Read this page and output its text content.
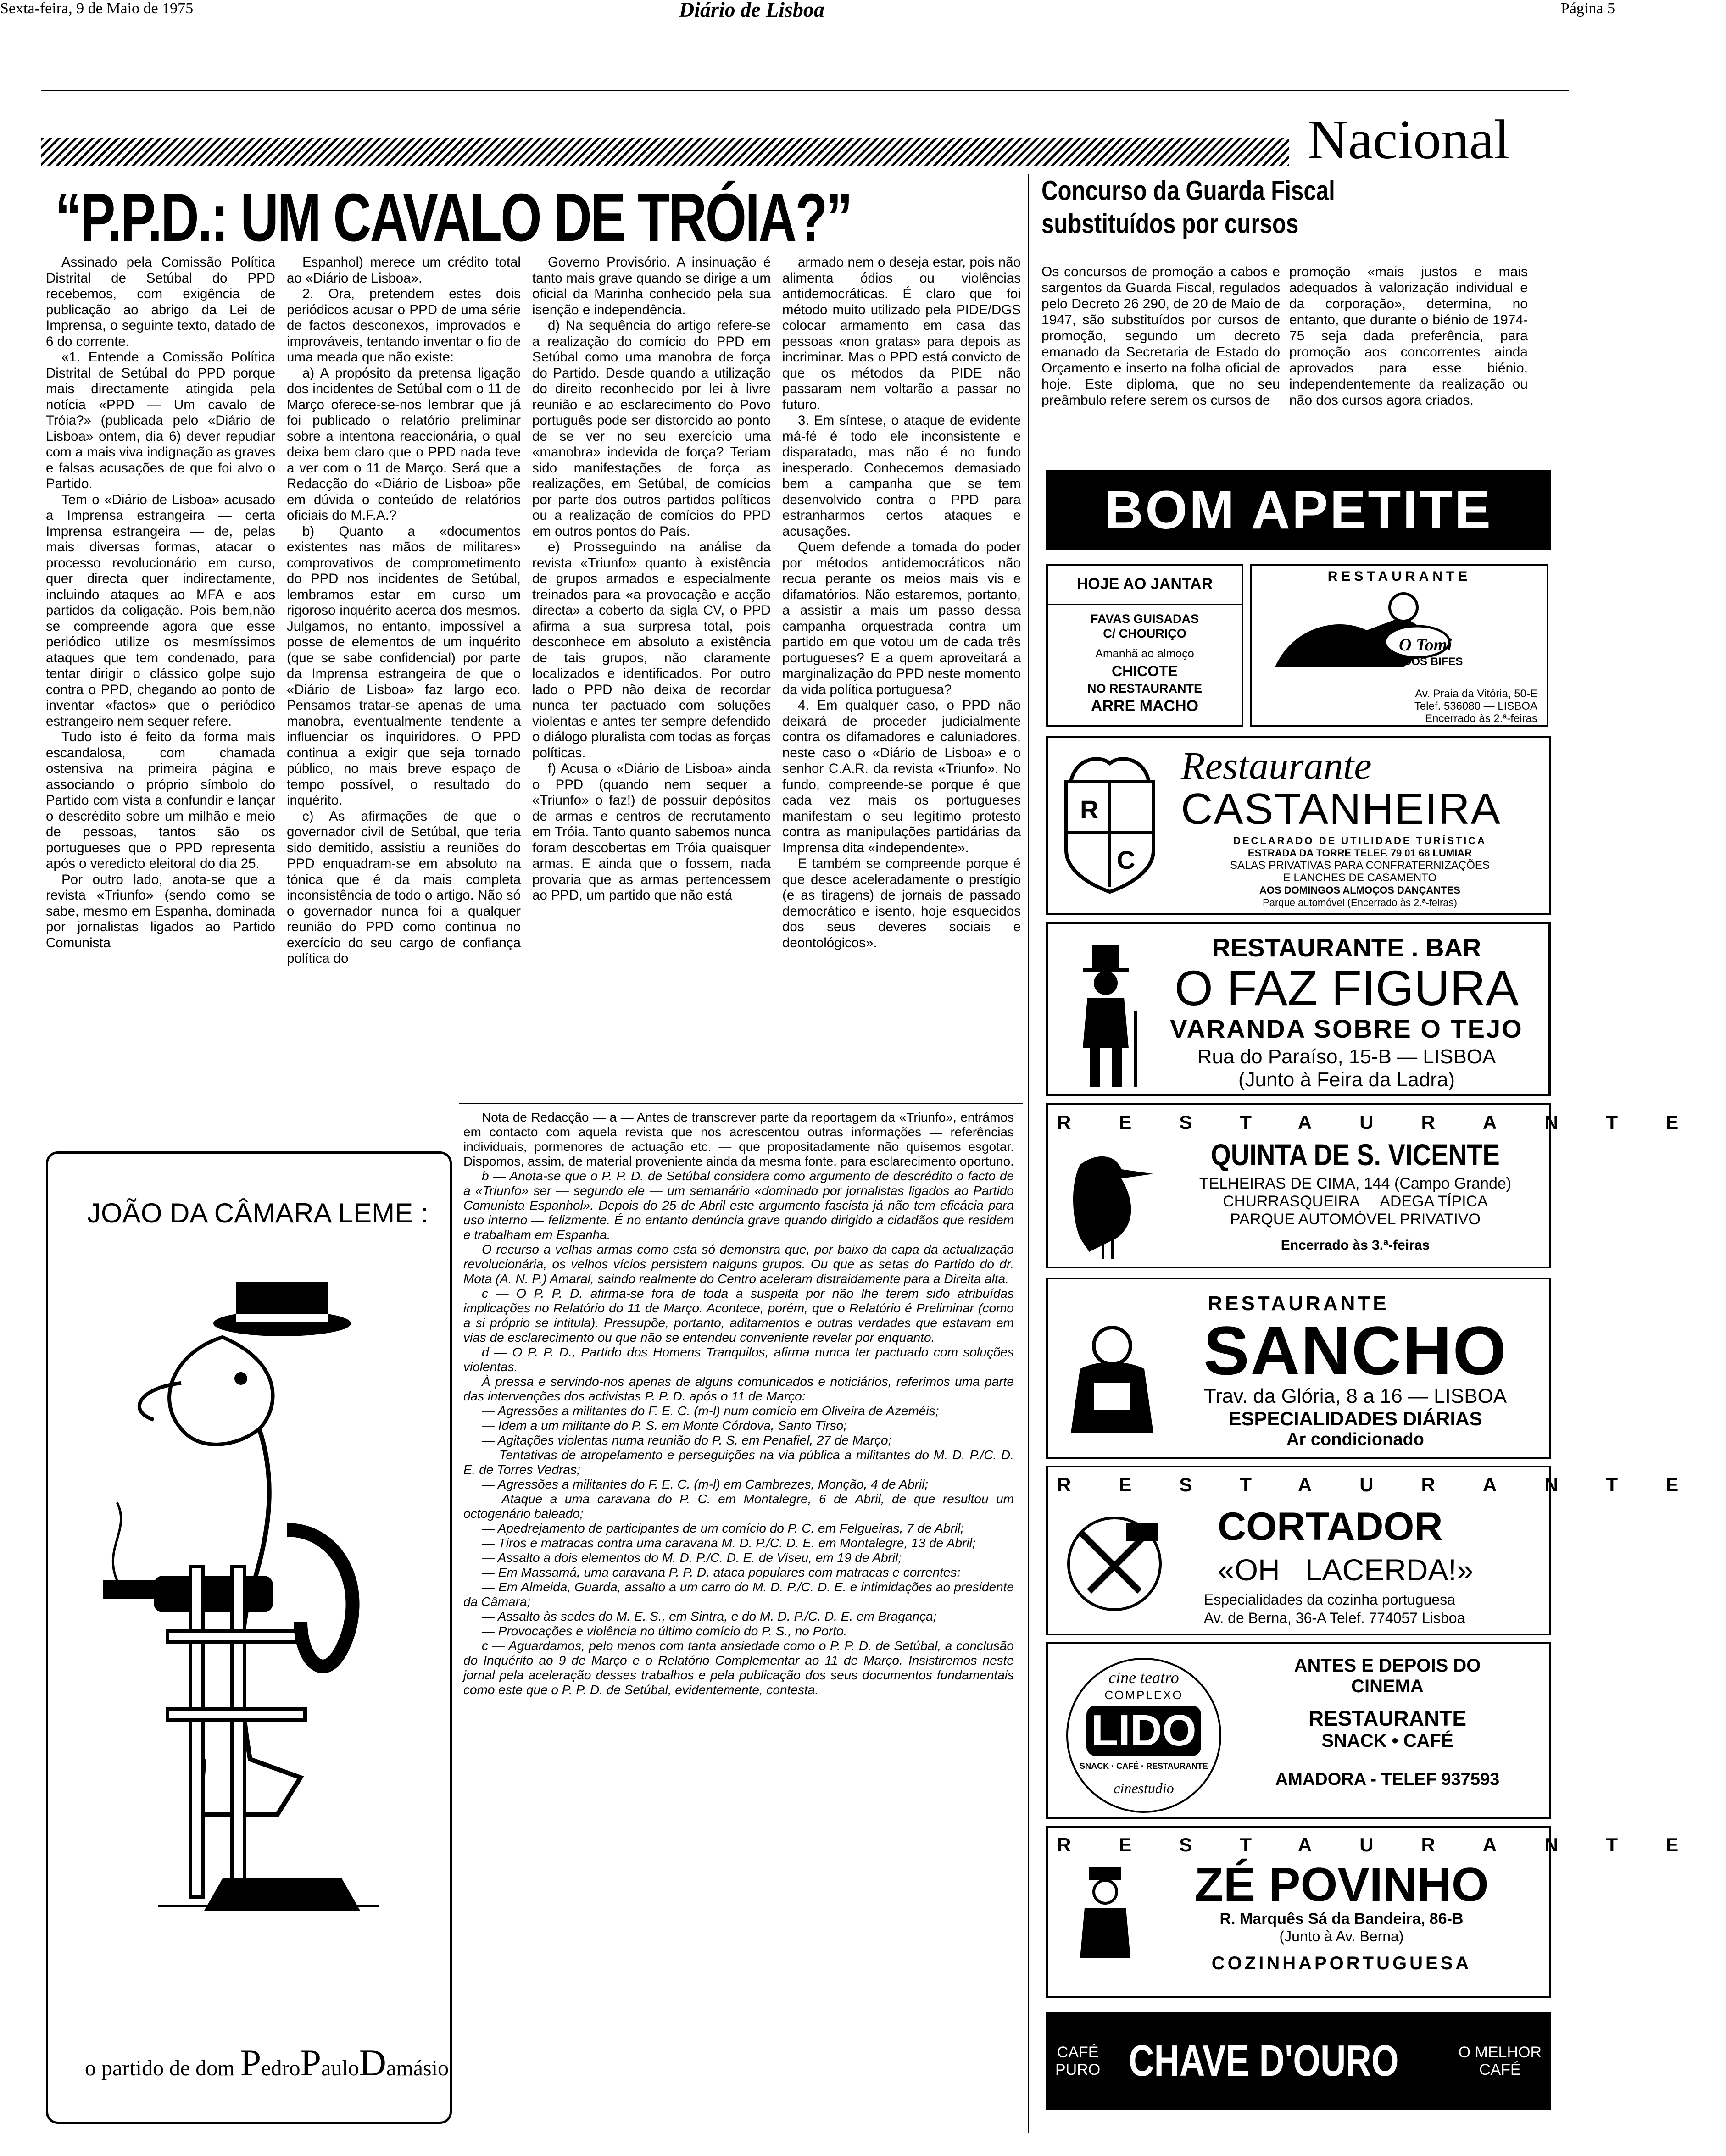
Sexta-feira, 9 de Maio de 1975	Diário de Lisboa	Página 5
Nacional
“P.P.D.: UM CAVALO DE TRÓIA?”

Assinado pela Comissão Política Distrital de Setúbal do PPD recebemos, com exigência de publicação ao abrigo da Lei de Imprensa, o seguinte texto, datado de 6 do corrente.

«1. Entende a Comissão Política Distrital de Setúbal do PPD porque mais directamente atingida pela notícia «PPD — Um cavalo de Tróia?» (publicada pelo «Diário de Lisboa» ontem, dia 6) dever repudiar com a mais viva indignação as graves e falsas acusações de que foi alvo o Partido.

Tem o «Diário de Lisboa» acusado a Imprensa estrangeira — certa Imprensa estrangeira — de, pelas mais diversas formas, atacar o processo revolucionário em curso, quer directa quer indirectamente, incluindo ataques ao MFA e aos partidos da coligação. Pois bem,não se compreende agora que esse periódico utilize os mesmíssimos ataques que tem condenado, para tentar dirigir o clássico golpe sujo contra o PPD, chegando ao ponto de inventar «factos» que o periódico estrangeiro nem sequer refere.

Tudo isto é feito da forma mais escandalosa, com chamada ostensiva na primeira página e associando o próprio símbolo do Partido com vista a confundir e lançar o descrédito sobre um milhão e meio de pessoas, tantos são os portugueses que o PPD representa após o veredicto eleitoral do dia 25.

Por outro lado, anota-se que a revista «Triunfo» (sendo como se sabe, mesmo em Espanha, dominada por jornalistas ligados ao Partido Comunista

Espanhol) merece um crédito total ao «Diário de Lisboa».

2. Ora, pretendem estes dois periódicos acusar o PPD de uma série de factos desconexos, improvados e improváveis, tentando inventar o fio de uma meada que não existe:

a) A propósito da pretensa ligação dos incidentes de Setúbal com o 11 de Março oferece-se-nos lembrar que já foi publicado o relatório preliminar sobre a intentona reaccionária, o qual deixa bem claro que o PPD nada teve a ver com o 11 de Março. Será que a Redacção do «Diário de Lisboa» põe em dúvida o conteúdo de relatórios oficiais do M.F.A.?

b) Quanto a «documentos existentes nas mãos de militares» comprovativos de comprometimento do PPD nos incidentes de Setúbal, lembramos estar em curso um rigoroso inquérito acerca dos mesmos. Julgamos, no entanto, impossível a posse de elementos de um inquérito (que se sabe confidencial) por parte da Imprensa estrangeira de que o «Diário de Lisboa» faz largo eco. Pensamos tratar-se apenas de uma manobra, eventualmente tendente a influenciar os inquiridores. O PPD continua a exigir que seja tornado público, no mais breve espaço de tempo possível, o resultado do inquérito.

c) As afirmações de que o governador civil de Setúbal, que teria sido demitido, assistiu a reuniões do PPD enquadram-se em absoluto na tónica que é da mais completa inconsistência de todo o artigo. Não só o governador nunca foi a qualquer reunião do PPD como continua no exercício do seu cargo de confiança política do

Governo Provisório. A insinuação é tanto mais grave quando se dirige a um oficial da Marinha conhecido pela sua isenção e independência.

d) Na sequência do artigo refere-se a realização do comício do PPD em Setúbal como uma manobra de força do Partido. Desde quando a utilização do direito reconhecido por lei à livre reunião e ao esclarecimento do Povo português pode ser distorcido ao ponto de se ver no seu exercício uma «manobra» indevida de força? Teriam sido manifestações de força as realizações, em Setúbal, de comícios por parte dos outros partidos políticos ou a realização de comícios do PPD em outros pontos do País.

e) Prosseguindo na análise da revista «Triunfo» quanto à existência de grupos armados e especialmente treinados para «a provocação e acção directa» a coberto da sigla CV, o PPD afirma a sua surpresa total, pois desconhece em absoluto a existência de tais grupos, não claramente localizados e identificados. Por outro lado o PPD não deixa de recordar nunca ter pactuado com soluções violentas e antes ter sempre defendido o diálogo pluralista com todas as forças políticas.

f) Acusa o «Diário de Lisboa» ainda o PPD (quando nem sequer a «Triunfo» o faz!) de possuir depósitos de armas e centros de recrutamento em Tróia. Tanto quanto sabemos nunca foram descobertas em Tróia quaisquer armas. E ainda que o fossem, nada provaria que as armas pertencessem ao PPD, um partido que não está

armado nem o deseja estar, pois não alimenta ódios ou violências antidemocráticas. É claro que foi método muito utilizado pela PIDE/DGS colocar armamento em casa das pessoas «non gratas» para depois as incriminar. Mas o PPD está convicto de que os métodos da PIDE não passaram nem voltarão a passar no futuro.

3. Em síntese, o ataque de evidente má-fé é todo ele inconsistente e disparatado, mas não é no fundo inesperado. Conhecemos demasiado bem a campanha que se tem desenvolvido contra o PPD para estranharmos certos ataques e acusações.

Quem defende a tomada do poder por métodos antidemocráticos não recua perante os meios mais vis e difamatórios. Não estaremos, portanto, a assistir a mais um passo dessa campanha orquestrada contra um partido em que votou um de cada três portugueses? E a quem aproveitará a marginalização do PPD neste momento da vida política portuguesa?

4. Em qualquer caso, o PPD não deixará de proceder judicialmente contra os difamadores e caluniadores, neste caso o «Diário de Lisboa» e o senhor C.A.R. da revista «Triunfo». No fundo, compreende-se porque é que cada vez mais os portugueses manifestam o seu legítimo protesto contra as manipulações partidárias da Imprensa dita «independente».

E também se compreende porque é que desce aceleradamente o prestígio (e as tiragens) de jornais de passado democrático e isento, hoje esquecidos dos seus deveres sociais e deontológicos».

Nota de Redacção — a — Antes de transcrever parte da reportagem da «Triunfo», entrámos em contacto com aquela revista que nos acrescentou outras informações — referências individuais, pormenores de actuação etc. — que propositadamente não quisemos esgotar. Dispomos, assim, de material proveniente ainda da mesma fonte, para esclarecimento oportuno.

b — Anota-se que o P. P. D. de Setúbal considera como argumento de descrédito o facto de a «Triunfo» ser — segundo ele — um semanário «dominado por jornalistas ligados ao Partido Comunista Espanhol». Depois do 25 de Abril este argumento fascista já não tem eficácia para uso interno — felizmente. É no entanto denúncia grave quando dirigido a cidadãos que residem e trabalham em Espanha.

O recurso a velhas armas como esta só demonstra que, por baixo da capa da actualização revolucionária, os velhos vícios persistem nalguns grupos. Ou que as setas do Partido do dr. Mota (A. N. P.) Amaral, saindo realmente do Centro aceleram distraidamente para a Direita alta.

c — O P. P. D. afirma-se fora de toda a suspeita por não lhe terem sido atribuídas implicações no Relatório do 11 de Março. Acontece, porém, que o Relatório é Preliminar (como a si próprio se intitula). Pressupõe, portanto, aditamentos e outras verdades que estavam em vias de esclarecimento ou que não se entendeu conveniente revelar por enquanto.

d — O P. P. D., Partido dos Homens Tranquilos, afirma nunca ter pactuado com soluções violentas.

À pressa e servindo-nos apenas de alguns comunicados e noticiários, referimos uma parte das intervenções dos activistas P. P. D. após o 11 de Março:

— Agressões a militantes do F. E. C. (m-l) num comício em Oliveira de Azeméis;

— Idem a um militante do P. S. em Monte Córdova, Santo Tirso;

— Agitações violentas numa reunião do P. S. em Penafiel, 27 de Março;

— Tentativas de atropelamento e perseguições na via pública a militantes do M. D. P./C. D. E. de Torres Vedras;

— Agressões a militantes do F. E. C. (m-l) em Cambrezes, Monção, 4 de Abril;

— Ataque a uma caravana do P. C. em Montalegre, 6 de Abril, de que resultou um octogenário baleado;

— Apedrejamento de participantes de um comício do P. C. em Felgueiras, 7 de Abril;

— Tiros e matracas contra uma caravana M. D. P./C. D. E. em Montalegre, 13 de Abril;

— Assalto a dois elementos do M. D. P./C. D. E. de Viseu, em 19 de Abril;

— Em Massamá, uma caravana P. P. D. ataca populares com matracas e correntes;

— Em Almeida, Guarda, assalto a um carro do M. D. P./C. D. E. e intimidações ao presidente da Câmara;

— Assalto às sedes do M. E. S., em Sintra, e do M. D. P./C. D. E. em Bragança;

— Provocações e violência no último comício do P. S., no Porto.

c — Aguardamos, pelo menos com tanta ansiedade como o P. P. D. de Setúbal, a conclusão do Inquérito ao 9 de Março e o Relatório Complementar ao 11 de Março. Insistiremos neste jornal pela aceleração desses trabalhos e pela publicação dos seus documentos fundamentais como este que o P. P. D. de Setúbal, evidentemente, contesta.

JOÃO DA CÂMARA LEME :
o partido de dom PedroPauloDamásio
Concurso da Guarda Fiscal
substituídos por cursos
Os concursos de promoção a cabos e sargentos da Guarda Fiscal, regulados pelo Decreto 26 290, de 20 de Maio de 1947, são substituídos por cursos de promoção, segundo um decreto emanado da Secretaria de Estado do Orçamento e inserto na folha oficial de hoje. Este diploma, que no seu preâmbulo refere serem os cursos de
promoção «mais justos e mais adequados à valorização individual e da corporação», determina, no entanto, que durante o biénio de 1974-75 seja dada preferência, para promoção aos concorrentes ainda aprovados para esse biénio, independentemente da realização ou não dos cursos agora criados.
BOM APETITE
HOJE AO JANTAR
FAVAS GUISADAS
C/ CHOURIÇO
Amanhã ao almoço
CHICOTE
NO RESTAURANTE
ARRE MACHO
RESTAURANTE
O Tomi
DOS BIFES
Av. Praia da Vitória, 50-E
Telef. 536080 — LISBOA
Encerrado às 2.ª-feiras
R
C
Restaurante
CASTANHEIRA
DECLARADO DE UTILIDADE TURÍSTICA
ESTRADA DA TORRE TELEF. 79 01 68 LUMIAR
SALAS PRIVATIVAS PARA CONFRATERNIZAÇÕES
E LANCHES DE CASAMENTO
AOS DOMINGOS ALMOÇOS DANÇANTES
Parque automóvel (Encerrado às 2.ª-feiras)
RESTAURANTE . BAR
O FAZ FIGURA
VARANDA SOBRE O TEJO
Rua do Paraíso, 15-B — LISBOA
(Junto à Feira da Ladra)
RESTAURANTE
QUINTA DE S. VICENTE
TELHEIRAS DE CIMA, 144 (Campo Grande)
CHURRASQUEIRA     ADEGA TÍPICA
PARQUE AUTOMÓVEL PRIVATIVO
Encerrado às 3.ª-feiras
RESTAURANTE
SANCHO
Trav. da Glória, 8 a 16 — LISBOA
ESPECIALIDADES DIÁRIAS
Ar condicionado
RESTAURANTE
CORTADOR
«OH   LACERDA!»
Especialidades da cozinha portuguesa
Av. de Berna, 36-A Telef. 774057 Lisboa
cine teatro
COMPLEXO
LIDO
SNACK · CAFÉ · RESTAURANTE
cinestudio
ANTES E DEPOIS DO
CINEMA
RESTAURANTE
SNACK • CAFÉ
AMADORA - TELEF 937593
RESTAURANTE
ZÉ POVINHO
R. Marquês Sá da Bandeira, 86-B
(Junto à Av. Berna)
COZINHAPORTUGUESA
CAFÉ
PURO CHAVE D'OURO	O MELHOR
CAFÉ
